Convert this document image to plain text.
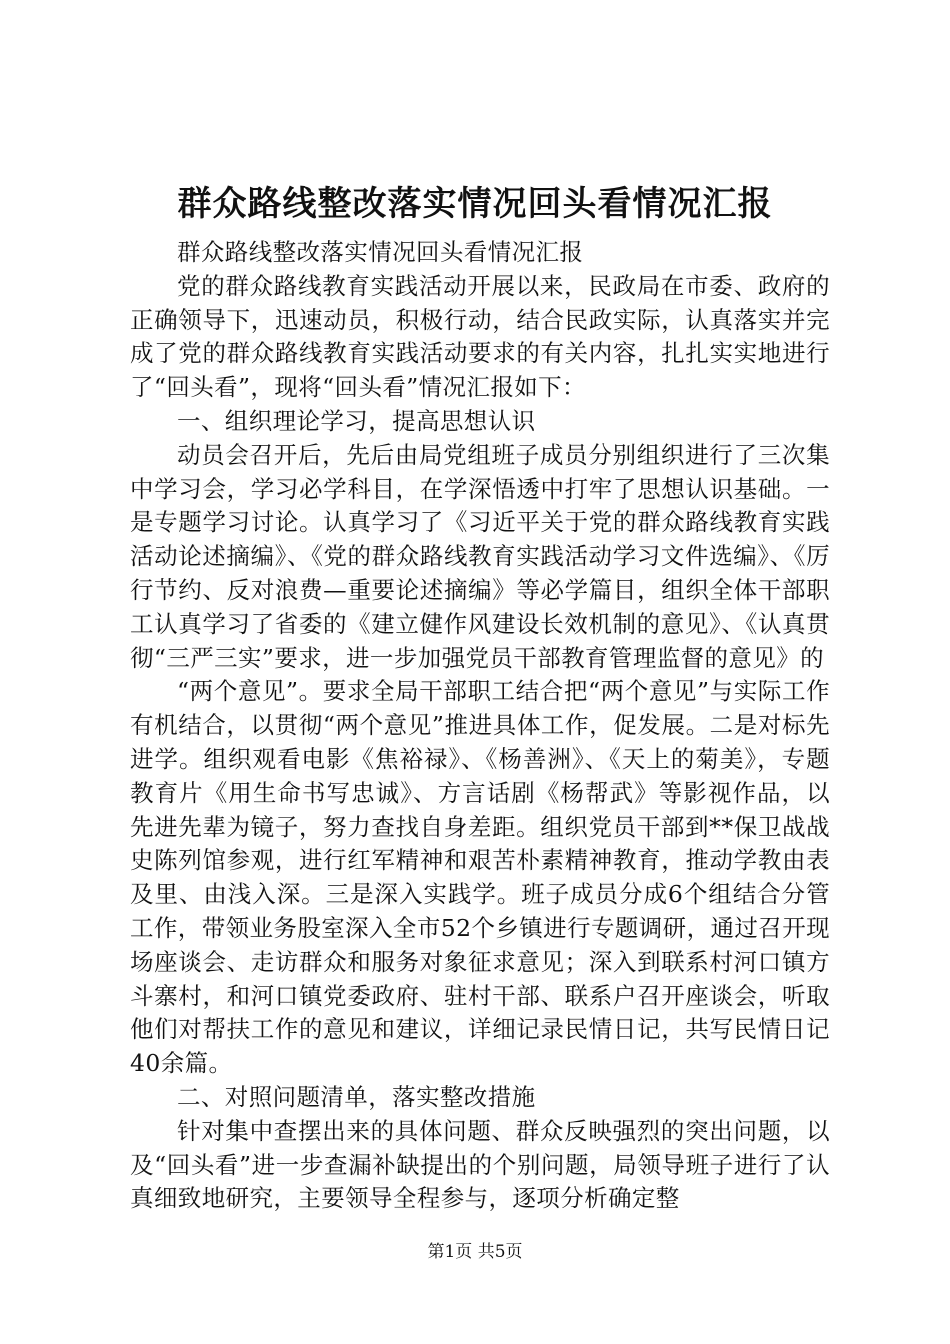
群众路线整改落实情况回头看情况汇报

群众路线整改落实情况回头看情况汇报

党的群众路线教育实践活动开展以来，民政局在市委、政府的正确领导下，迅速动员，积极行动，结合民政实际，认真落实并完成了党的群众路线教育实践活动要求的有关内容，扎扎实实地进行了“回头看”，现将“回头看”情况汇报如下：

一、组织理论学习，提高思想认识

动员会召开后，先后由局党组班子成员分别组织进行了三次集中学习会，学习必学科目，在学深悟透中打牢了思想认识基础。一是专题学习讨论。认真学习了《习近平关于党的群众路线教育实践活动论述摘编》、《党的群众路线教育实践活动学习文件选编》、《厉行节约、反对浪费—重要论述摘编》等必学篇目，组织全体干部职工认真学习了省委的《建立健作风建设长效机制的意见》、《认真贯彻“三严三实”要求，进一步加强党员干部教育管理监督的意见》的

“两个意见”。要求全局干部职工结合把“两个意见”与实际工作有机结合，以贯彻“两个意见”推进具体工作，促发展。二是对标先进学。组织观看电影《焦裕禄》、《杨善洲》、《天上的菊美》，专题教育片《用生命书写忠诚》、方言话剧《杨帮武》等影视作品，以先进先辈为镜子，努力查找自身差距。组织党员干部到**保卫战战史陈列馆参观，进行红军精神和艰苦朴素精神教育，推动学教由表及里、由浅入深。三是深入实践学。班子成员分成6个组结合分管工作，带领业务股室深入全市52个乡镇进行专题调研，通过召开现场座谈会、走访群众和服务对象征求意见；深入到联系村河口镇方斗寨村，和河口镇党委政府、驻村干部、联系户召开座谈会，听取他们对帮扶工作的意见和建议，详细记录民情日记，共写民情日记40余篇。

二、对照问题清单，落实整改措施

针对集中查摆出来的具体问题、群众反映强烈的突出问题，以及“回头看”进一步查漏补缺提出的个别问题，局领导班子进行了认真细致地研究，主要领导全程参与，逐项分析确定整

第1页 共5页
